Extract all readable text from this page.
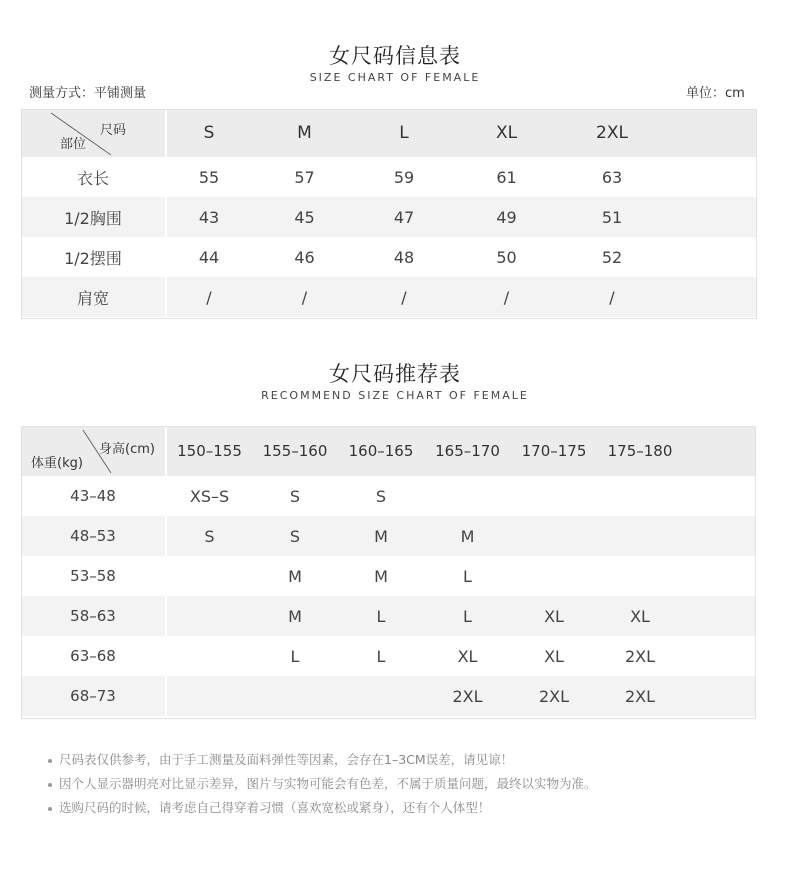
女尺码信息表
SIZE CHART OF FEMALE
测量方式：平铺测量	单位：cm
尺码
部位	S	M	L	XL	2XL	
衣长	55	57	59	61	63	
1/2胸围	43	45	47	49	51	
1/2摆围	44	46	48	50	52	
肩宽	/	/	/	/	/	
女尺码推荐表
RECOMMEND SIZE CHART OF FEMALE
身高(cm)
体重(kg)	150–155	155–160	160–165	165–170	170–175	175–180	
43–48	XS–S	S	S				
48–53	S	S	M	M			
53–58		M	M	L			
58–63		M	L	L	XL	XL	
63–68		L	L	XL	XL	2XL	
68–73				2XL	2XL	2XL	
尺码表仅供参考，由于手工测量及面料弹性等因素，会存在1–3CM误差，请见谅！
因个人显示器明亮对比显示差异，图片与实物可能会有色差，不属于质量问题，最终以实物为准。
选购尺码的时候，请考虑自己得穿着习惯（喜欢宽松或紧身），还有个人体型！
